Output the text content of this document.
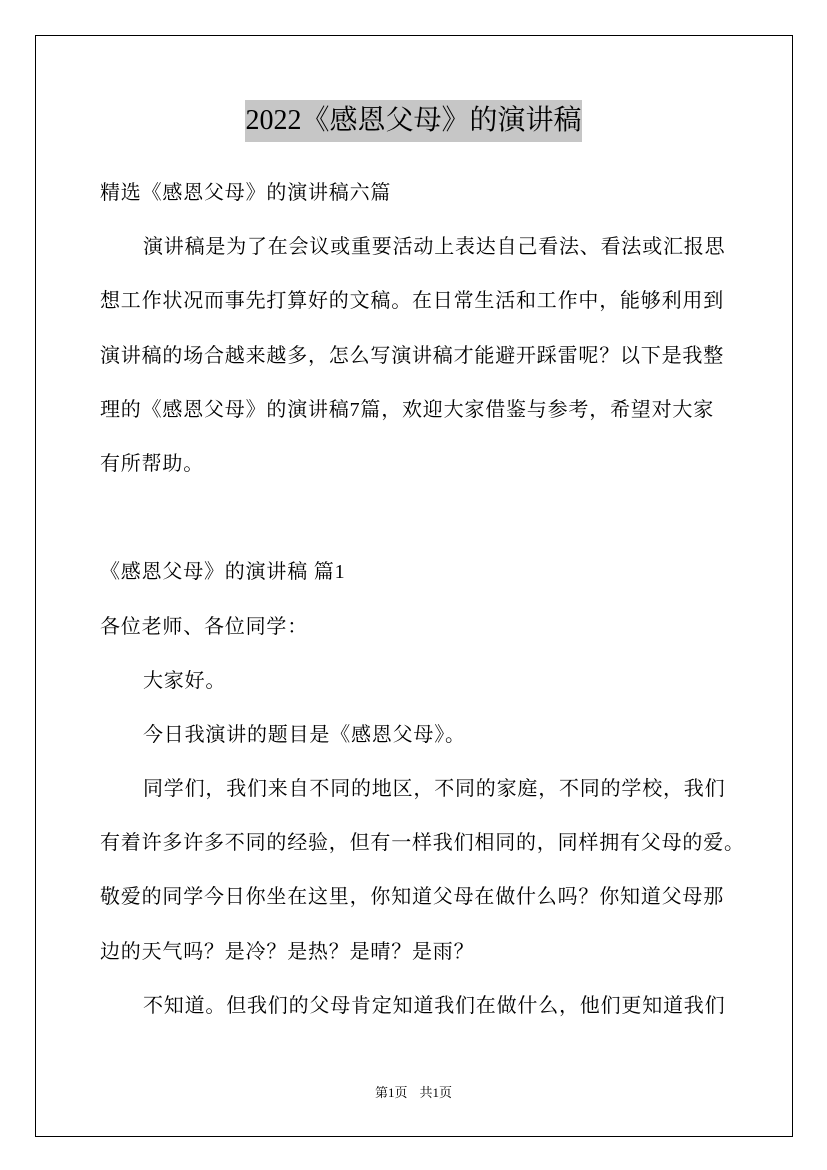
2022《感恩父母》的演讲稿
精选《感恩父母》的演讲稿六篇
演讲稿是为了在会议或重要活动上表达自己看法、看法或汇报思
想工作状况而事先打算好的文稿。在日常生活和工作中，能够利用到
演讲稿的场合越来越多，怎么写演讲稿才能避开踩雷呢？以下是我整
理的《感恩父母》的演讲稿7篇，欢迎大家借鉴与参考，希望对大家
有所帮助。
《感恩父母》的演讲稿 篇1
各位老师、各位同学：
大家好。
今日我演讲的题目是《感恩父母》。
同学们，我们来自不同的地区，不同的家庭，不同的学校，我们
有着许多许多不同的经验，但有一样我们相同的，同样拥有父母的爱。
敬爱的同学今日你坐在这里，你知道父母在做什么吗？你知道父母那
边的天气吗？是冷？是热？是晴？是雨？
不知道。但我们的父母肯定知道我们在做什么，他们更知道我们
第1页 共1页
